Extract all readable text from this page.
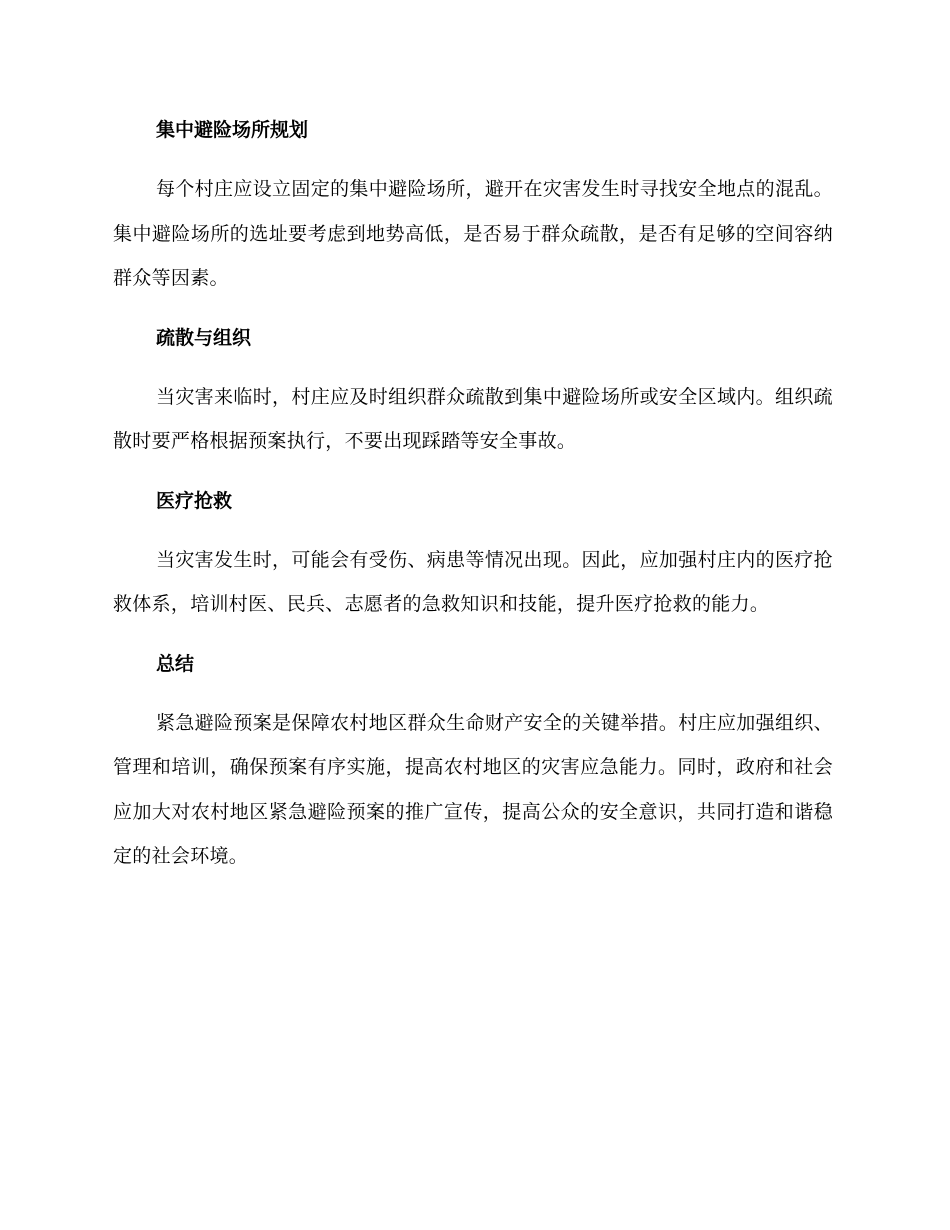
集中避险场所规划

每个村庄应设立固定的集中避险场所，避开在灾害发生时寻找安全地点的混乱。集中避险场所的选址要考虑到地势高低，是否易于群众疏散，是否有足够的空间容纳群众等因素。

疏散与组织

当灾害来临时，村庄应及时组织群众疏散到集中避险场所或安全区域内。组织疏散时要严格根据预案执行，不要出现踩踏等安全事故。

医疗抢救

当灾害发生时，可能会有受伤、病患等情况出现。因此，应加强村庄内的医疗抢救体系，培训村医、民兵、志愿者的急救知识和技能，提升医疗抢救的能力。

总结

紧急避险预案是保障农村地区群众生命财产安全的关键举措。村庄应加强组织、管理和培训，确保预案有序实施，提高农村地区的灾害应急能力。同时，政府和社会应加大对农村地区紧急避险预案的推广宣传，提高公众的安全意识，共同打造和谐稳定的社会环境。
